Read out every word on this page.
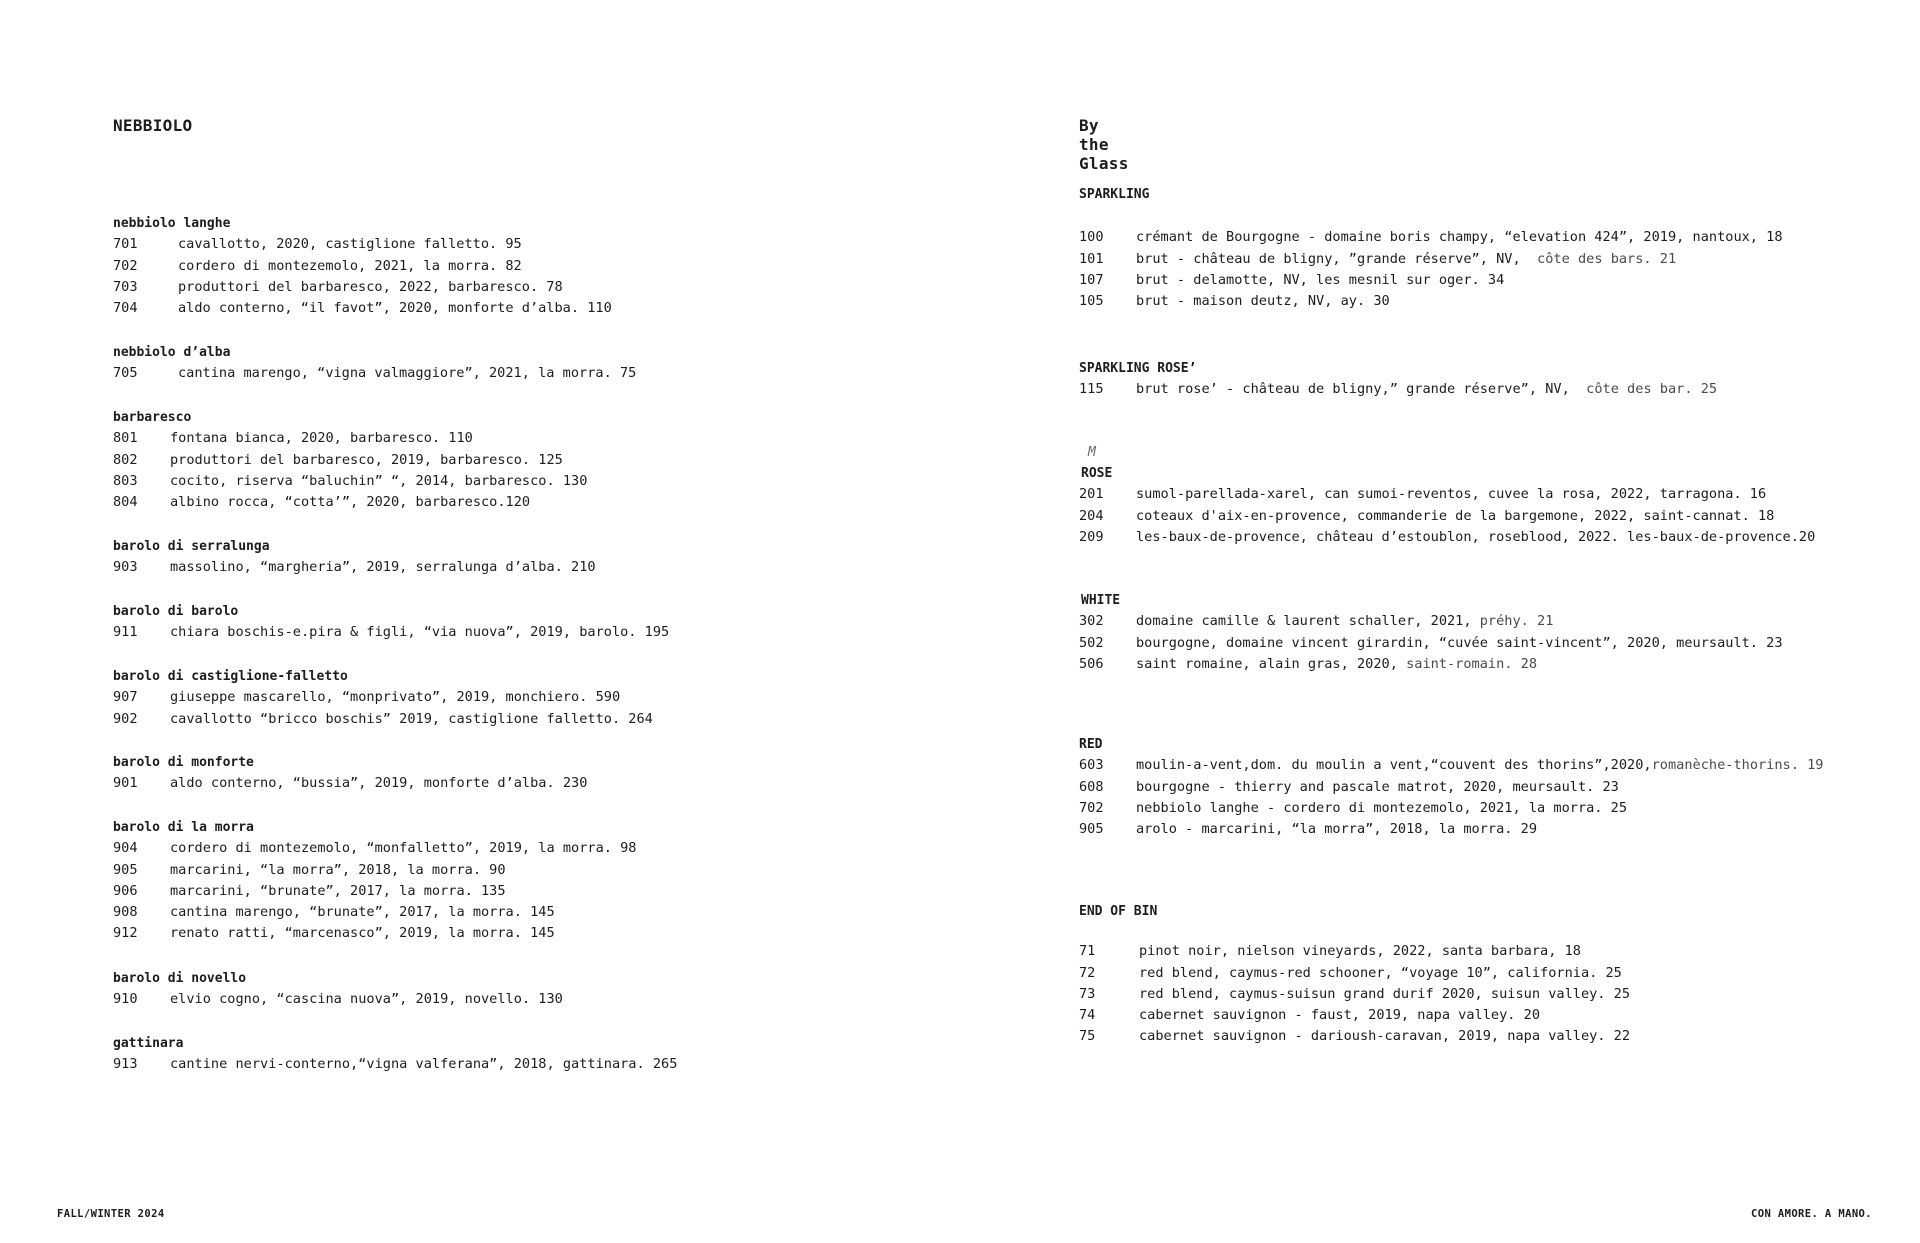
NEBBIOLO
nebbiolo langhe
701	cavallotto, 2020, castiglione falletto. 95
702	cordero di montezemolo, 2021, la morra. 82
703	produttori del barbaresco, 2022, barbaresco. 78
704	aldo conterno, “il favot”, 2020, monforte d’alba. 110
nebbiolo d’alba
705	cantina marengo, “vigna valmaggiore”, 2021, la morra. 75
barbaresco
801	fontana bianca, 2020, barbaresco. 110
802	produttori del barbaresco, 2019, barbaresco. 125
803	cocito, riserva “baluchin” “, 2014, barbaresco. 130
804	albino rocca, “cotta’”, 2020, barbaresco.120
barolo di serralunga
903	massolino, “margheria”, 2019, serralunga d’alba. 210
barolo di barolo
911	chiara boschis-e.pira & figli, “via nuova”, 2019, barolo. 195
barolo di castiglione-falletto
907	giuseppe mascarello, “monprivato”, 2019, monchiero. 590
902	cavallotto “bricco boschis” 2019, castiglione falletto. 264
barolo di monforte
901	aldo conterno, “bussia”, 2019, monforte d’alba. 230
barolo di la morra
904	cordero di montezemolo, “monfalletto”, 2019, la morra. 98
905	marcarini, “la morra”, 2018, la morra. 90
906	marcarini, “brunate”, 2017, la morra. 135
908	cantina marengo, “brunate”, 2017, la morra. 145
912	renato ratti, “marcenasco”, 2019, la morra. 145
barolo di novello
910	elvio cogno, “cascina nuova”, 2019, novello. 130
gattinara
913	cantine nervi-conterno,“vigna valferana”, 2018, gattinara. 265
By the Glass
SPARKLING
100	crémant de Bourgogne - domaine boris champy, “elevation 424”, 2019, nantoux, 18
101	brut - château de bligny, ”grande réserve”, NV, côte des bars. 21
107	brut - delamotte, NV, les mesnil sur oger. 34
105	brut - maison deutz, NV, ay. 30
SPARKLING ROSE’
115	brut rose’ - château de bligny,” grande réserve”, NV, côte des bar. 25
M
ROSE
201	sumol-parellada-xarel, can sumoi-reventos, cuvee la rosa, 2022, tarragona. 16
204	coteaux d'aix-en-provence, commanderie de la bargemone, 2022, saint-cannat. 18
209	les-baux-de-provence, château d’estoublon, roseblood, 2022. les-baux-de-provence.20
WHITE
302	domaine camille & laurent schaller, 2021, préhy. 21
502	bourgogne, domaine vincent girardin, “cuvée saint-vincent”, 2020, meursault. 23
506	saint romaine, alain gras, 2020, saint-romain. 28
RED
603	moulin-a-vent,dom. du moulin a vent,“couvent des thorins”,2020, romanèche-thorins. 19
608	bourgogne - thierry and pascale matrot, 2020, meursault. 23
702	nebbiolo langhe - cordero di montezemolo, 2021, la morra. 25
905	arolo - marcarini, “la morra”, 2018, la morra. 29
END OF BIN
71	pinot noir, nielson vineyards, 2022, santa barbara, 18
72	red blend, caymus-red schooner, “voyage 10”, california. 25
73	red blend, caymus-suisun grand durif 2020, suisun valley. 25
74	cabernet sauvignon - faust, 2019, napa valley. 20
75	cabernet sauvignon - darioush-caravan, 2019, napa valley. 22
FALL/WINTER 2024	CON AMORE. A MANO.
